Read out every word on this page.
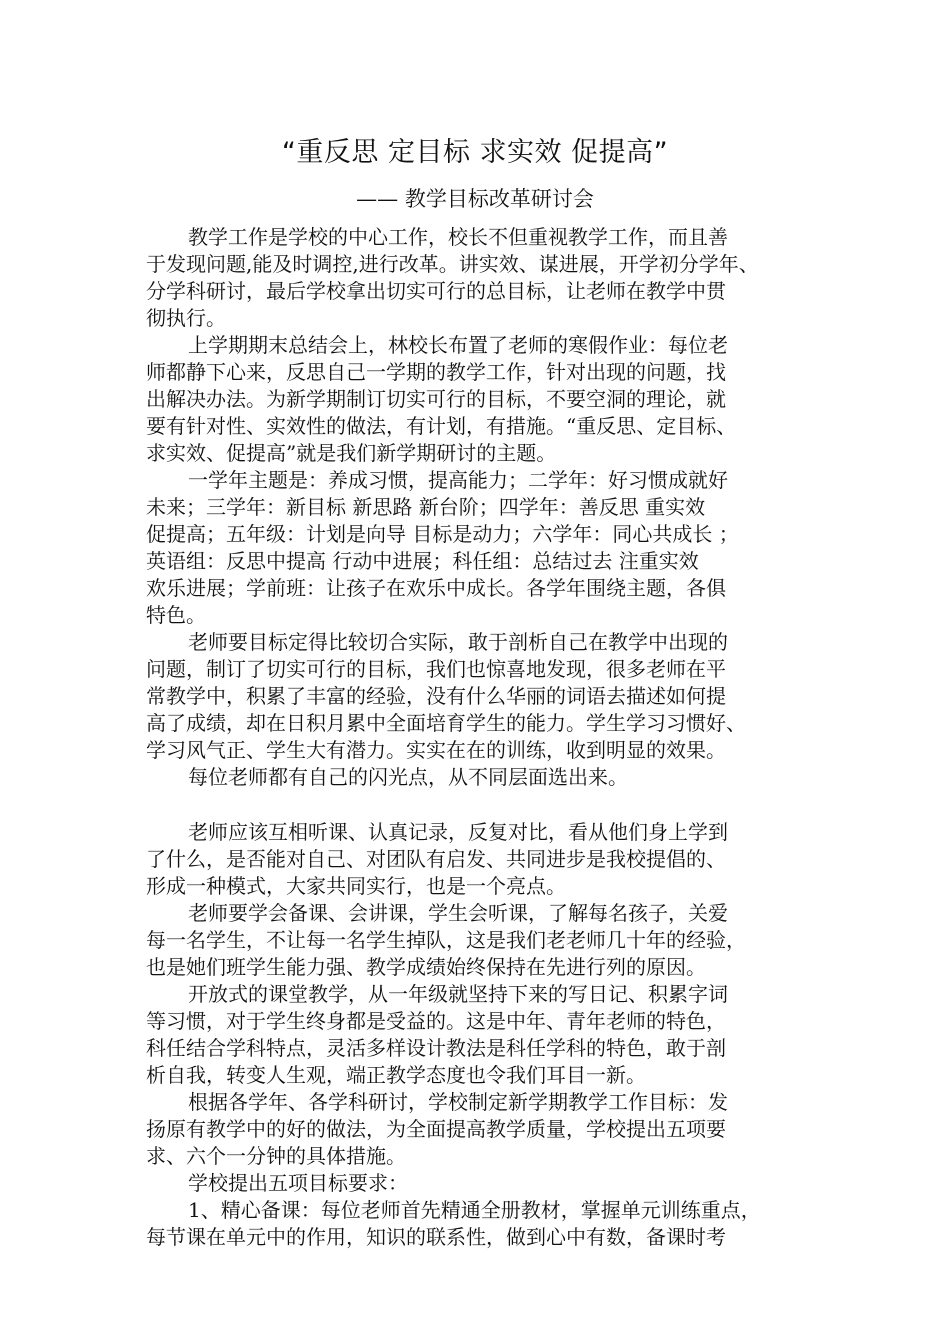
“重反思 定目标 求实效 促提高”
—— 教学目标改革研讨会
教学工作是学校的中心工作，校长不但重视教学工作，而且善
于发现问题,能及时调控,进行改革。讲实效、谋进展，开学初分学年、
分学科研讨，最后学校拿出切实可行的总目标，让老师在教学中贯
彻执行。
上学期期末总结会上，林校长布置了老师的寒假作业：每位老
师都静下心来，反思自己一学期的教学工作，针对出现的问题，找
出解决办法。为新学期制订切实可行的目标，不要空洞的理论，就
要有针对性、实效性的做法，有计划，有措施。“重反思、定目标、
求实效、促提高”就是我们新学期研讨的主题。
一学年主题是：养成习惯，提高能力；二学年：好习惯成就好
未来；三学年：新目标 新思路 新台阶；四学年：善反思 重实效
促提高；五年级：计划是向导 目标是动力；六学年：同心共成长 ；
英语组：反思中提高 行动中进展；科任组：总结过去 注重实效
欢乐进展；学前班：让孩子在欢乐中成长。各学年围绕主题，各俱
特色。
老师要目标定得比较切合实际，敢于剖析自己在教学中出现的
问题，制订了切实可行的目标，我们也惊喜地发现，很多老师在平
常教学中，积累了丰富的经验，没有什么华丽的词语去描述如何提
高了成绩，却在日积月累中全面培育学生的能力。学生学习习惯好、
学习风气正、学生大有潜力。实实在在的训练，收到明显的效果。
每位老师都有自己的闪光点，从不同层面选出来。
老师应该互相听课、认真记录，反复对比，看从他们身上学到
了什么，是否能对自己、对团队有启发、共同进步是我校提倡的、
形成一种模式，大家共同实行，也是一个亮点。
老师要学会备课、会讲课，学生会听课，了解每名孩子，关爱
每一名学生，不让每一名学生掉队，这是我们老老师几十年的经验，
也是她们班学生能力强、教学成绩始终保持在先进行列的原因。
开放式的课堂教学，从一年级就坚持下来的写日记、积累字词
等习惯，对于学生终身都是受益的。这是中年、青年老师的特色，
科任结合学科特点，灵活多样设计教法是科任学科的特色，敢于剖
析自我，转变人生观，端正教学态度也令我们耳目一新。
根据各学年、各学科研讨，学校制定新学期教学工作目标：发
扬原有教学中的好的做法，为全面提高教学质量，学校提出五项要
求、六个一分钟的具体措施。
学校提出五项目标要求：
1、精心备课：每位老师首先精通全册教材，掌握单元训练重点，
每节课在单元中的作用，知识的联系性，做到心中有数，备课时考
